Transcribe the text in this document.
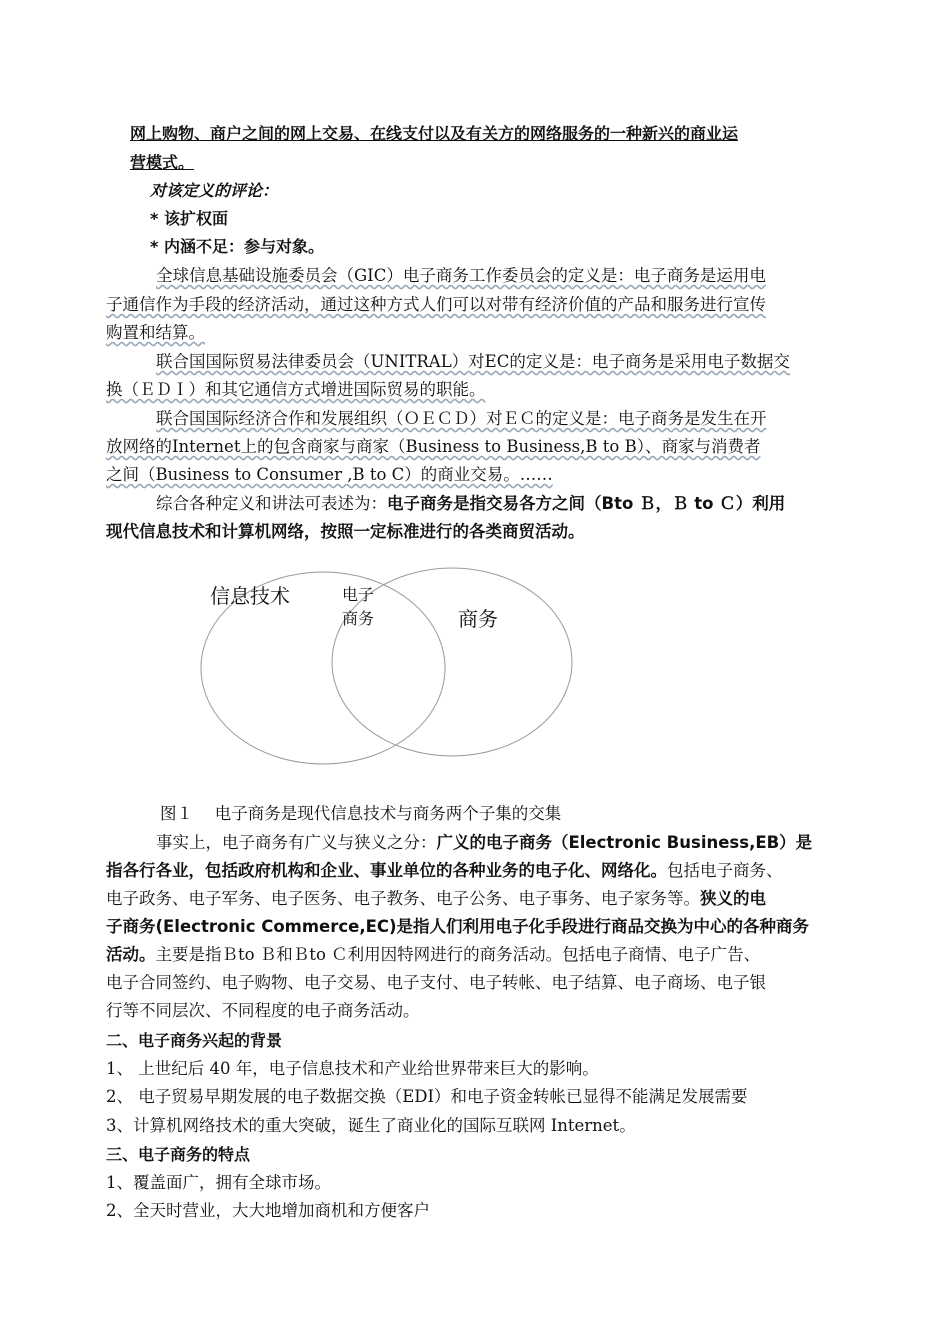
网上购物、商户之间的网上交易、在线支付以及有关方的网络服务的一种新兴的商业运
营模式。
对该定义的评论：
* 该扩权面
* 内涵不足：参与对象。
全球信息基础设施委员会（GIC）电子商务工作委员会的定义是：电子商务是运用电
子通信作为手段的经济活动，通过这种方式人们可以对带有经济价值的产品和服务进行宣传
购置和结算。
联合国国际贸易法律委员会（UNITRAL）对EC的定义是：电子商务是采用电子数据交
换（ＥＤＩ）和其它通信方式增进国际贸易的职能。
联合国国际经济合作和发展组织（ＯＥＣＤ）对ＥＣ的定义是：电子商务是发生在开
放网络的Internet上的包含商家与商家（Business to Business,B to B）、商家与消费者
之间（Business to Consumer ,B to C）的商业交易。……
综合各种定义和讲法可表述为：电子商务是指交易各方之间（Bto Ｂ，Ｂ to Ｃ）利用
现代信息技术和计算机网络，按照一定标准进行的各类商贸活动。
信息技术	电子
商务	商务
图１　 电子商务是现代信息技术与商务两个子集的交集
事实上，电子商务有广义与狭义之分：广义的电子商务（Electronic Business,EB）是
指各行各业，包括政府机构和企业、事业单位的各种业务的电子化、网络化。包括电子商务、
电子政务、电子军务、电子医务、电子教务、电子公务、电子事务、电子家务等。狭义的电
子商务(Electronic Commerce,EC)是指人们利用电子化手段进行商品交换为中心的各种商务
活动。主要是指Ｂto Ｂ和Ｂto Ｃ利用因特网进行的商务活动。包括电子商情、电子广告、
电子合同签约、电子购物、电子交易、电子支付、电子转帐、电子结算、电子商场、电子银
行等不同层次、不同程度的电子商务活动。
二、电子商务兴起的背景
1、 上世纪后 40 年，电子信息技术和产业给世界带来巨大的影响。
2、 电子贸易早期发展的电子数据交换（EDI）和电子资金转帐已显得不能满足发展需要
3、计算机网络技术的重大突破，诞生了商业化的国际互联网 Internet。
三、电子商务的特点
1、覆盖面广，拥有全球市场。
2、全天时营业，大大地增加商机和方便客户
